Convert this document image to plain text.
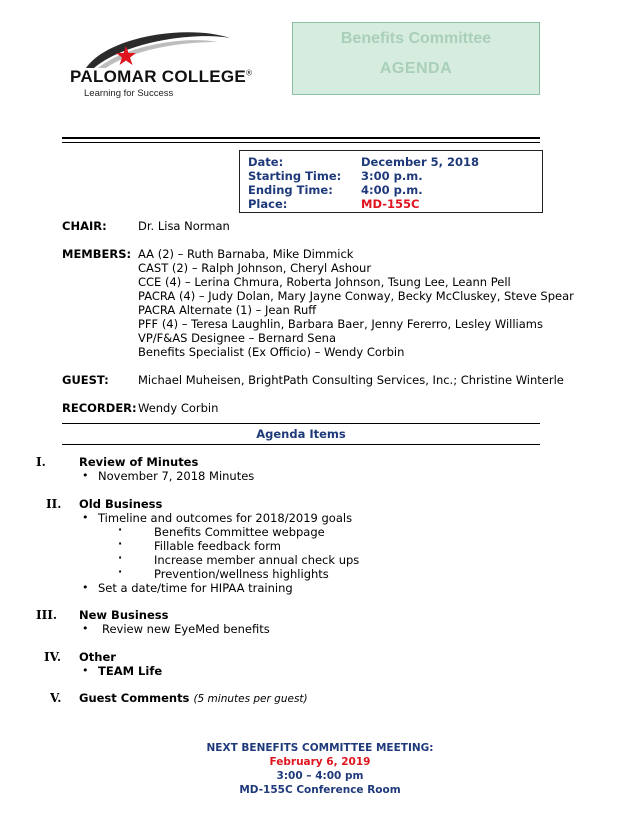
PALOMAR COLLEGE®
Learning for Success
Benefits Committee
AGENDA
Date:	December 5, 2018
Starting Time: 3:00 p.m.
Ending Time: 4:00 p.m.
Place:	MD-155C
CHAIR:	Dr. Lisa Norman
MEMBERS: AA (2) – Ruth Barnaba, Mike Dimmick
CAST (2) – Ralph Johnson, Cheryl Ashour
CCE (4) – Lerina Chmura, Roberta Johnson, Tsung Lee, Leann Pell
PACRA (4) – Judy Dolan, Mary Jayne Conway, Becky McCluskey, Steve Spear
PACRA Alternate (1) – Jean Ruff
PFF (4) – Teresa Laughlin, Barbara Baer, Jenny Fererro, Lesley Williams
VP/F&AS Designee – Bernard Sena
Benefits Specialist (Ex Officio) – Wendy Corbin
GUEST:	Michael Muheisen, BrightPath Consulting Services, Inc.; Christine Winterle
RECORDER: Wendy Corbin
Agenda Items
I.	Review of Minutes
• November 7, 2018 Minutes
II. Old Business
• Timeline and outcomes for 2018/2019 goals
·	Benefits Committee webpage
·	Fillable feedback form
·	Increase member annual check ups
·	Prevention/wellness highlights
• Set a date/time for HIPAA training
III. New Business
• Review new EyeMed benefits
IV. Other
• TEAM Life
V. Guest Comments (5 minutes per guest)
NEXT BENEFITS COMMITTEE MEETING:
February 6, 2019
3:00 – 4:00 pm
MD-155C Conference Room
